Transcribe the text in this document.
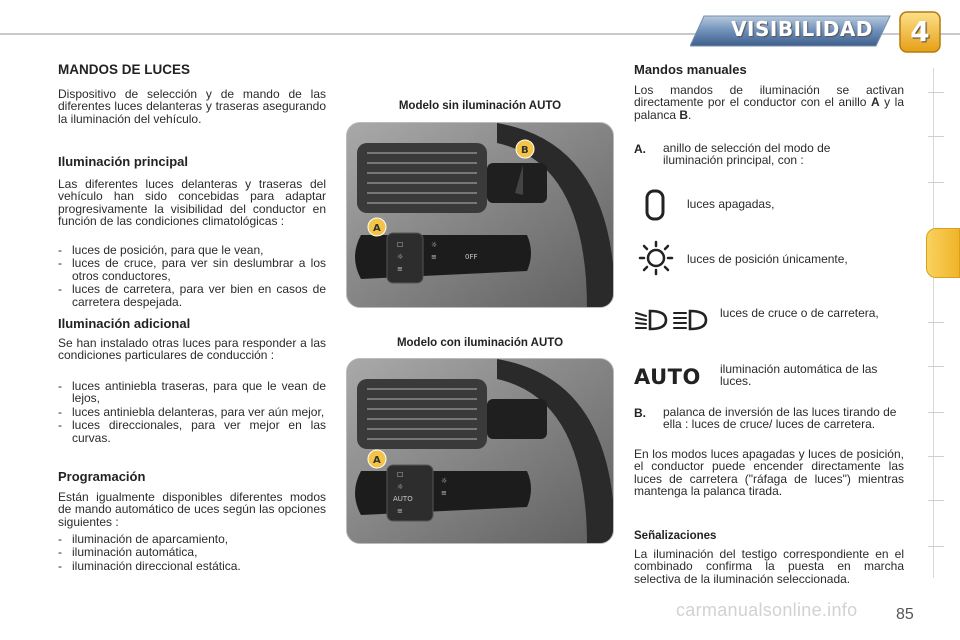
VISIBILIDAD	4
MANDOS DE LUCES
Dispositivo de selección y de mando de las diferentes luces delanteras y traseras asegurando la iluminación del vehículo.
Iluminación principal
Las diferentes luces delanteras y traseras del vehículo han sido concebidas para adaptar progresivamente la visibilidad del conductor en función de las condiciones climatológicas :
- luces de posición, para que le vean,
- luces de cruce, para ver sin deslumbrar a los otros conductores,
- luces de carretera, para ver bien en casos de carretera despejada.
Iluminación adicional
Se han instalado otras luces para responder a las condiciones particulares de conducción :
- luces antiniebla traseras, para que le vean de lejos,
- luces antiniebla delanteras, para ver aún mejor,
- luces direccionales, para ver mejor en las curvas.
Programación
Están igualmente disponibles diferentes modos de mando automático de uces según las opciones siguientes :
- iluminación de aparcamiento,
- iluminación automática,
- iluminación direccional estática.
Modelo sin iluminación AUTO
☐
☼
≡
☼
≡	0FF
A
B
Modelo con iluminación AUTO
☐
☼
AUTO
≡
☼
≡
A
Mandos manuales
Los mandos de iluminación se activan directamente por el conductor con el anillo A y la palanca B.
A. anillo de selección del modo de iluminación principal, con :
luces apagadas,
luces de posición únicamente,
luces de cruce o de carretera,
AUTO iluminación automática de las luces.
B. palanca de inversión de las luces tirando de ella : luces de cruce/ luces de carretera.
En los modos luces apagadas y luces de posición, el conductor puede encender directamente las luces de carretera ("ráfaga de luces") mientras mantenga la palanca tirada.
Señalizaciones
La iluminación del testigo correspondiente en el combinado confirma la puesta en marcha selectiva de la iluminación seleccionada.
carmanualsonline.info 85
